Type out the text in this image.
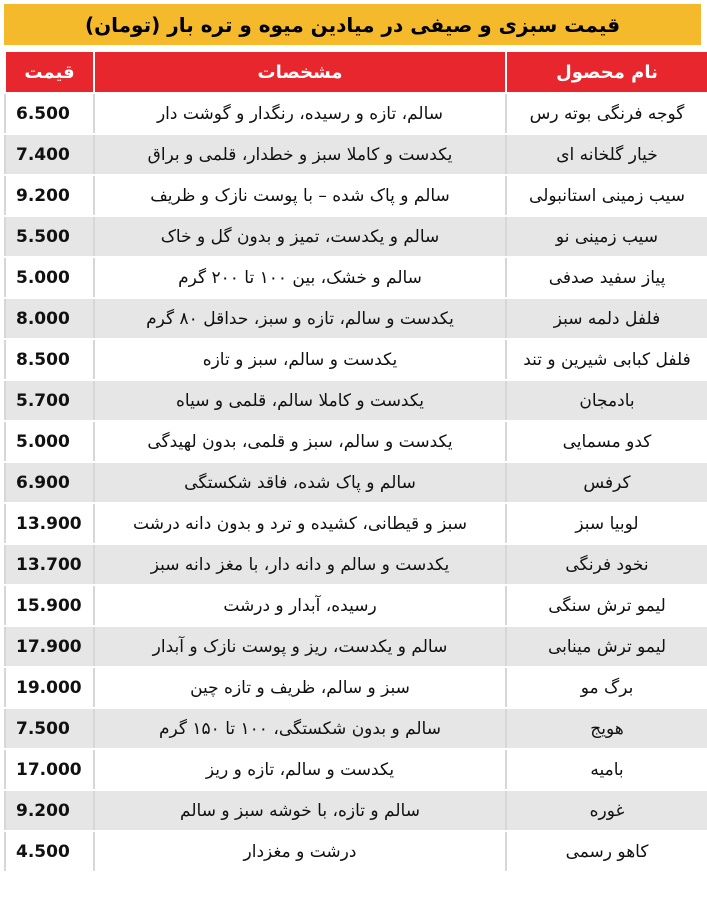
قیمت سبزی و صیفی در میادین میوه و تره بار (تومان)
نام محصول	مشخصات	قیمت
گوجه فرنگی بوته رس	سالم، تازه و رسیده، رنگدار و گوشت دار	6.500
خیار گلخانه ای	یکدست و کاملا سبز و خطدار، قلمی و براق	7.400
سیب زمینی استانبولی	سالم و پاک شده – با پوست نازک و ظریف	9.200
سیب زمینی نو	سالم و یکدست، تمیز و بدون گل و خاک	5.500
پیاز سفید صدفی	سالم و خشک، بین ۱۰۰ تا ۲۰۰ گرم	5.000
فلفل دلمه سبز	یکدست و سالم، تازه و سبز، حداقل ۸۰ گرم	8.000
فلفل کبابی شیرین و تند	یکدست و سالم، سبز و تازه	8.500
بادمجان	یکدست و کاملا سالم، قلمی و سیاه	5.700
کدو مسمایی	یکدست و سالم، سبز و قلمی، بدون لهیدگی	5.000
کرفس	سالم و پاک شده، فاقد شکستگی	6.900
لوبیا سبز	سبز و قیطانی، کشیده و ترد و بدون دانه درشت	13.900
نخود فرنگی	یکدست و سالم و دانه دار، با مغز دانه سبز	13.700
لیمو ترش سنگی	رسیده، آبدار و درشت	15.900
لیمو ترش مینابی	سالم و یکدست، ریز و پوست نازک و آبدار	17.900
برگ مو	سبز و سالم، ظریف و تازه چین	19.000
هویج	سالم و بدون شکستگی، ۱۰۰ تا ۱۵۰ گرم	7.500
بامیه	یکدست و سالم، تازه و ریز	17.000
غوره	سالم و تازه، با خوشه سبز و سالم	9.200
کاهو رسمی	درشت و مغزدار	4.500
